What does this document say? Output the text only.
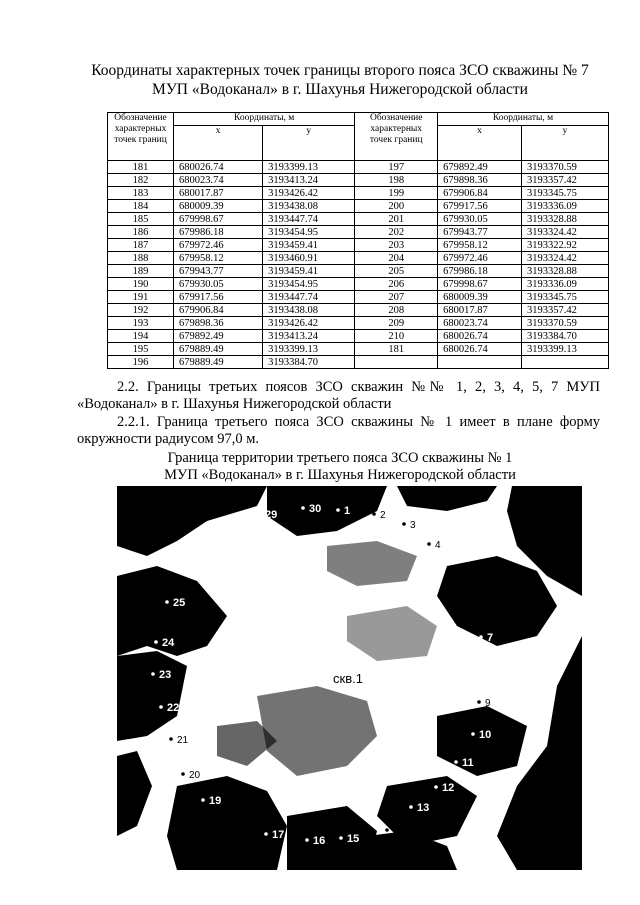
Координаты характерных точек границы второго пояса ЗСО скважины № 7
МУП «Водоканал» в г. Шахунья Нижегородской области
Обозначение характерных точек границ	Координаты, м		Обозначение характерных точек границ	Координаты, м	
	x	y		x	y
181	680026.74	3193399.13	197	679892.49	3193370.59
182	680023.74	3193413.24	198	679898.36	3193357.42
183	680017.87	3193426.42	199	679906.84	3193345.75
184	680009.39	3193438.08	200	679917.56	3193336.09
185	679998.67	3193447.74	201	679930.05	3193328.88
186	679986.18	3193454.95	202	679943.77	3193324.42
187	679972.46	3193459.41	203	679958.12	3193322.92
188	679958.12	3193460.91	204	679972.46	3193324.42
189	679943.77	3193459.41	205	679986.18	3193328.88
190	679930.05	3193454.95	206	679998.67	3193336.09
191	679917.56	3193447.74	207	680009.39	3193345.75
192	679906.84	3193438.08	208	680017.87	3193357.42
193	679898.36	3193426.42	209	680023.74	3193370.59
194	679892.49	3193413.24	210	680026.74	3193384.70
195	679889.49	3193399.13	181	680026.74	3193399.13
196	679889.49	3193384.70			
2.2. Границы третьих поясов ЗСО скважин №№ 1, 2, 3, 4, 5, 7 МУП «Водоканал» в г. Шахунья Нижегородской области
2.2.1. Граница третьего пояса ЗСО скважины № 1 имеет в плане форму окружности радиусом 97,0 м.
Граница территории третьего пояса ЗСО скважины № 1
МУП «Водоканал» в г. Шахунья Нижегородской области
1	2
3
4
5
6
7
8
9
10
11
12
13
14
15
16
17
18
19
20
21
22
23
24
25
26
27
28
29	30
скв.1
